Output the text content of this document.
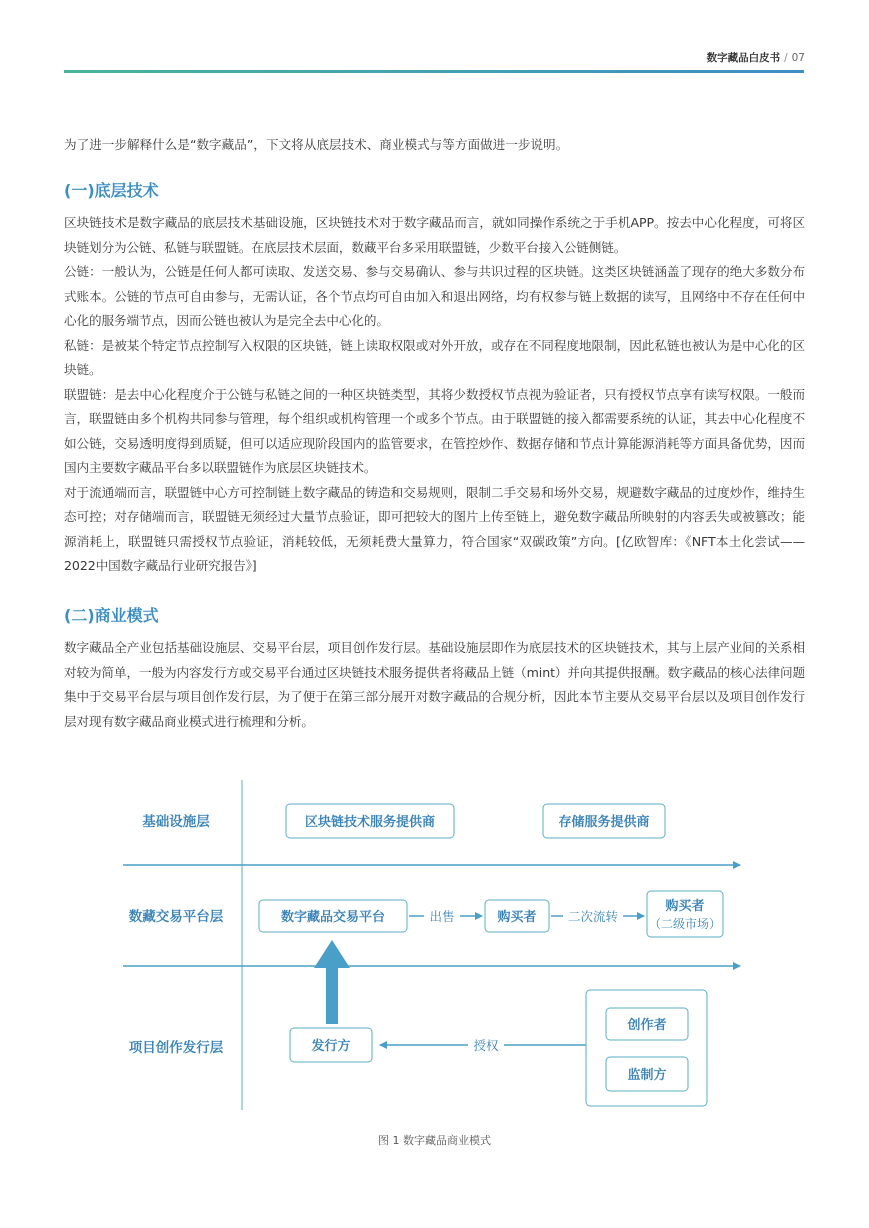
数字藏品白皮书 / 07
为了进一步解释什么是“数字藏品”，下文将从底层技术、商业模式与等方面做进一步说明。
(一)底层技术

区块链技术是数字藏品的底层技术基础设施，区块链技术对于数字藏品而言，就如同操作系统之于手机APP。按去中心化程度，可将区块链划分为公链、私链与联盟链。在底层技术层面，数藏平台多采用联盟链，少数平台接入公链侧链。

公链：一般认为，公链是任何人都可读取、发送交易、参与交易确认、参与共识过程的区块链。这类区块链涵盖了现存的绝大多数分布式账本。公链的节点可自由参与，无需认证，各个节点均可自由加入和退出网络，均有权参与链上数据的读写，且网络中不存在任何中心化的服务端节点，因而公链也被认为是完全去中心化的。

私链：是被某个特定节点控制写入权限的区块链，链上读取权限或对外开放，或存在不同程度地限制，因此私链也被认为是中心化的区块链。

联盟链：是去中心化程度介于公链与私链之间的一种区块链类型，其将少数授权节点视为验证者，只有授权节点享有读写权限。一般而言，联盟链由多个机构共同参与管理，每个组织或机构管理一个或多个节点。由于联盟链的接入都需要系统的认证，其去中心化程度不如公链，交易透明度得到质疑，但可以适应现阶段国内的监管要求，在管控炒作、数据存储和节点计算能源消耗等方面具备优势，因而国内主要数字藏品平台多以联盟链作为底层区块链技术。

对于流通端而言，联盟链中心方可控制链上数字藏品的铸造和交易规则，限制二手交易和场外交易，规避数字藏品的过度炒作，维持生态可控；对存储端而言，联盟链无须经过大量节点验证，即可把较大的图片上传至链上，避免数字藏品所映射的内容丢失或被篡改；能源消耗上，联盟链只需授权节点验证，消耗较低，无须耗费大量算力，符合国家“双碳政策”方向。[亿欧智库：《NFT本土化尝试——2022中国数字藏品行业研究报告》]

(二)商业模式

数字藏品全产业包括基础设施层、交易平台层，项目创作发行层。基础设施层即作为底层技术的区块链技术，其与上层产业间的关系相对较为简单，一般为内容发行方或交易平台通过区块链技术服务提供者将藏品上链（mint）并向其提供报酬。数字藏品的核心法律问题集中于交易平台层与项目创作发行层，为了便于在第三部分展开对数字藏品的合规分析，因此本节主要从交易平台层以及项目创作发行层对现有数字藏品商业模式进行梳理和分析。

基础设施层
数藏交易平台层
项目创作发行层
区块链技术服务提供商	存储服务提供商
数字藏品交易平台	出售	购买者	二次流转
购买者
（二级市场）
发行方	授权
创作者
监制方
图 1 数字藏品商业模式
